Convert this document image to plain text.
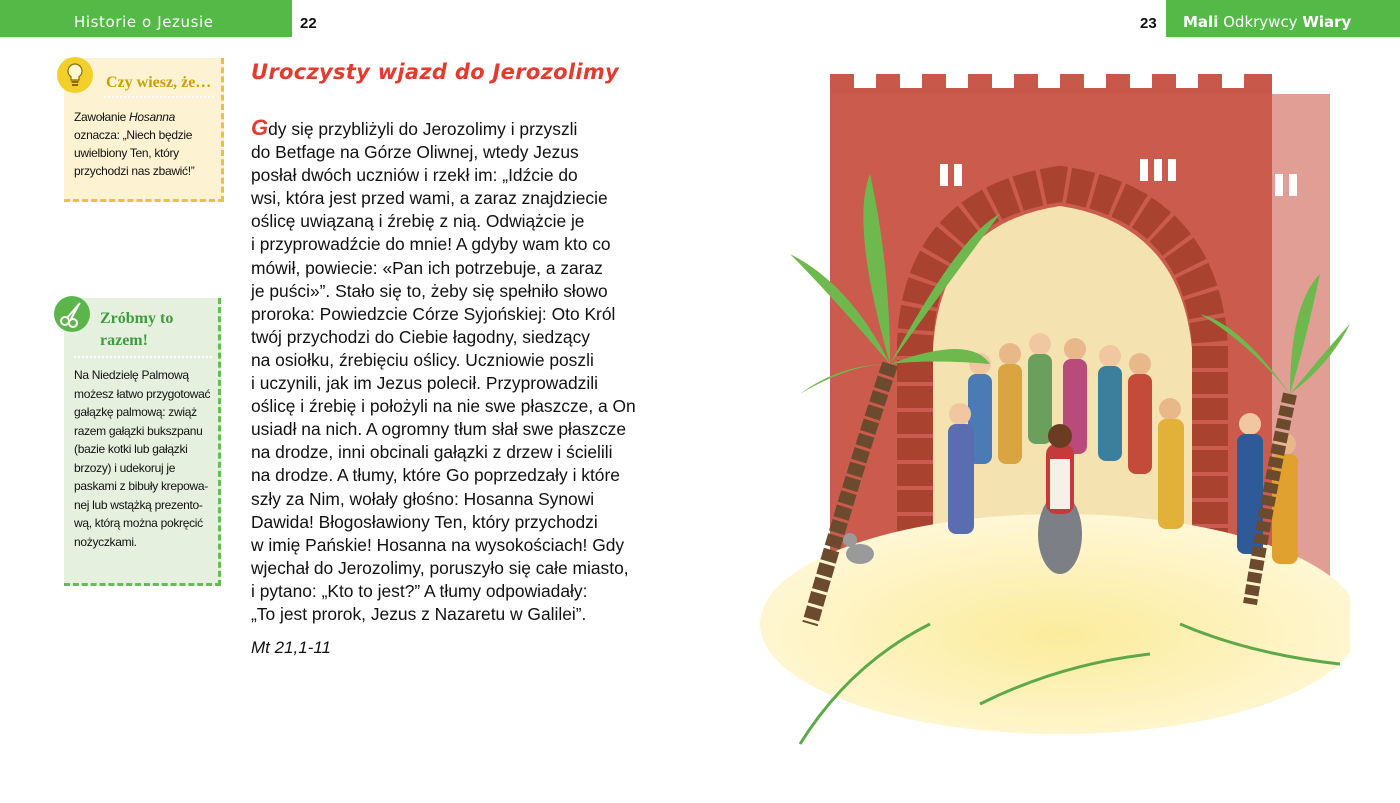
Historie o Jezusie	22	23 Mali Odkrywcy Wiary
Czy wiesz, że…
Zawołanie Hosanna oznacza: „Niech będzie uwielbiony Ten, który przychodzi nas zbawić!”
Zróbmy to razem!
Na Niedzielę Palmową możesz łatwo przygotować gałązkę palmową: zwiąż razem gałązki bukszpanu (bazie kotki lub gałązki brzozy) i udekoruj je paskami z bibuły krepowa-nej lub wstążką prezento-wą, którą można pokręcić nożyczkami.
Uroczysty wjazd do Jerozolimy
Gdy się przybliżyli do Jerozolimy i przyszli
do Betfage na Górze Oliwnej, wtedy Jezus
posłał dwóch uczniów i rzekł im: „Idźcie do
wsi, która jest przed wami, a zaraz znajdziecie
oślicę uwiązaną i źrebię z nią. Odwiążcie je
i przyprowadźcie do mnie! A gdyby wam kto co
mówił, powiecie: «Pan ich potrzebuje, a zaraz
je puści»”. Stało się to, żeby się spełniło słowo
proroka: Powiedzcie Córze Syjońskiej: Oto Król
twój przychodzi do Ciebie łagodny, siedzący
na osiołku, źrebięciu oślicy. Uczniowie poszli
i uczynili, jak im Jezus polecił. Przyprowadzili
oślicę i źrebię i położyli na nie swe płaszcze, a On
usiadł na nich. A ogromny tłum słał swe płaszcze
na drodze, inni obcinali gałązki z drzew i ścielili
na drodze. A tłumy, które Go poprzedzały i które
szły za Nim, wołały głośno: Hosanna Synowi
Dawida! Błogosławiony Ten, który przychodzi
w imię Pańskie! Hosanna na wysokościach! Gdy
wjechał do Jerozolimy, poruszyło się całe miasto,
i pytano: „Kto to jest?” A tłumy odpowiadały:
„To jest prorok, Jezus z Nazaretu w Galilei”.
Mt 21,1-11
